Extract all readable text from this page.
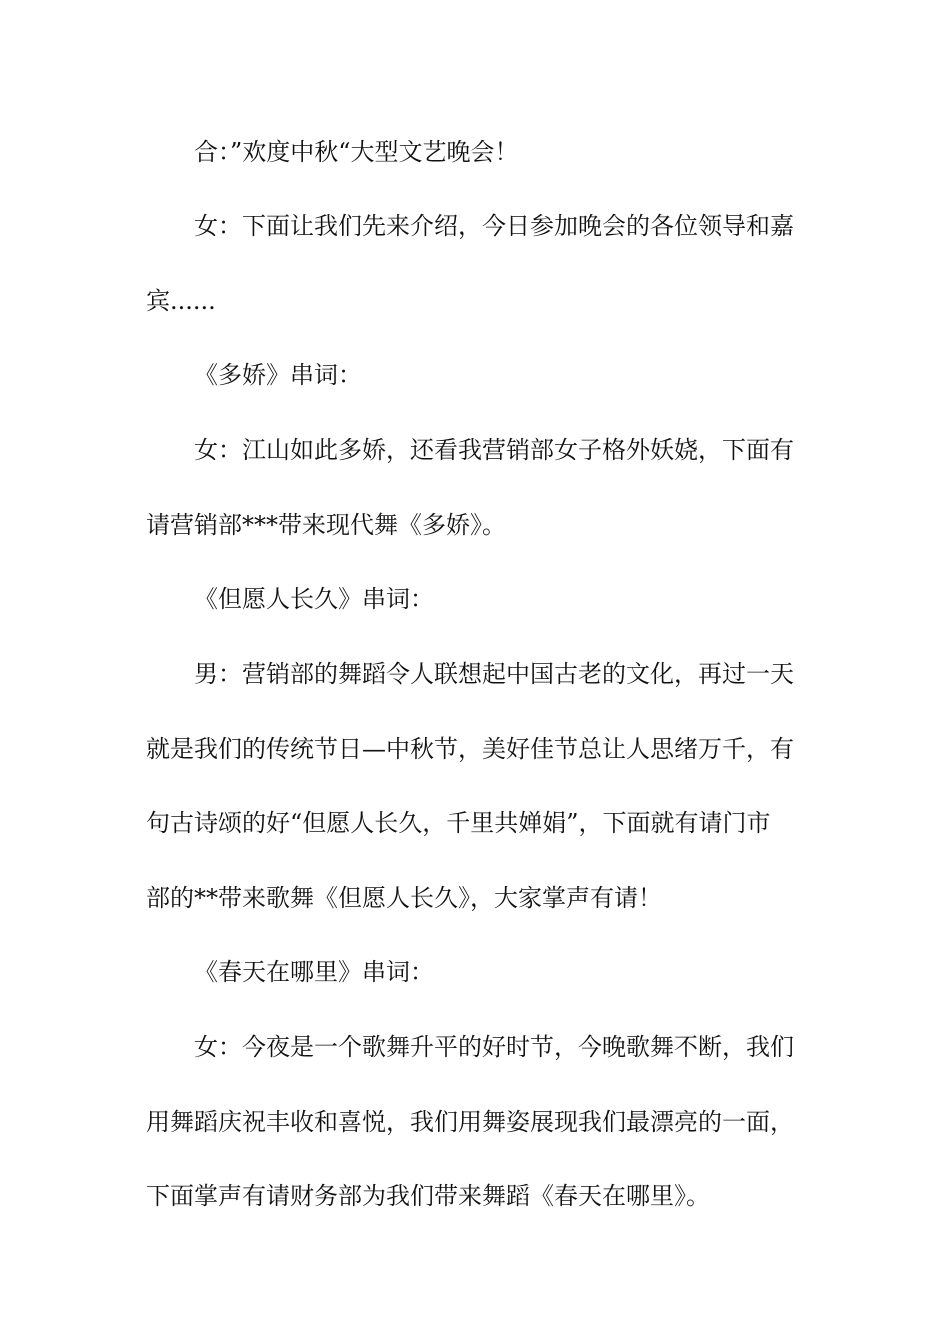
合：”欢度中秋“大型文艺晚会！
女：下面让我们先来介绍，今日参加晚会的各位领导和嘉
宾......
《多娇》串词：
女：江山如此多娇，还看我营销部女子格外妖娆，下面有
请营销部***带来现代舞《多娇》。
《但愿人长久》串词：
男：营销部的舞蹈令人联想起中国古老的文化，再过一天
就是我们的传统节日—中秋节，美好佳节总让人思绪万千，有
句古诗颂的好“但愿人长久，千里共婵娟”，下面就有请门市
部的**带来歌舞《但愿人长久》，大家掌声有请！
《春天在哪里》串词：
女：今夜是一个歌舞升平的好时节，今晚歌舞不断，我们
用舞蹈庆祝丰收和喜悦，我们用舞姿展现我们最漂亮的一面，
下面掌声有请财务部为我们带来舞蹈《春天在哪里》。
